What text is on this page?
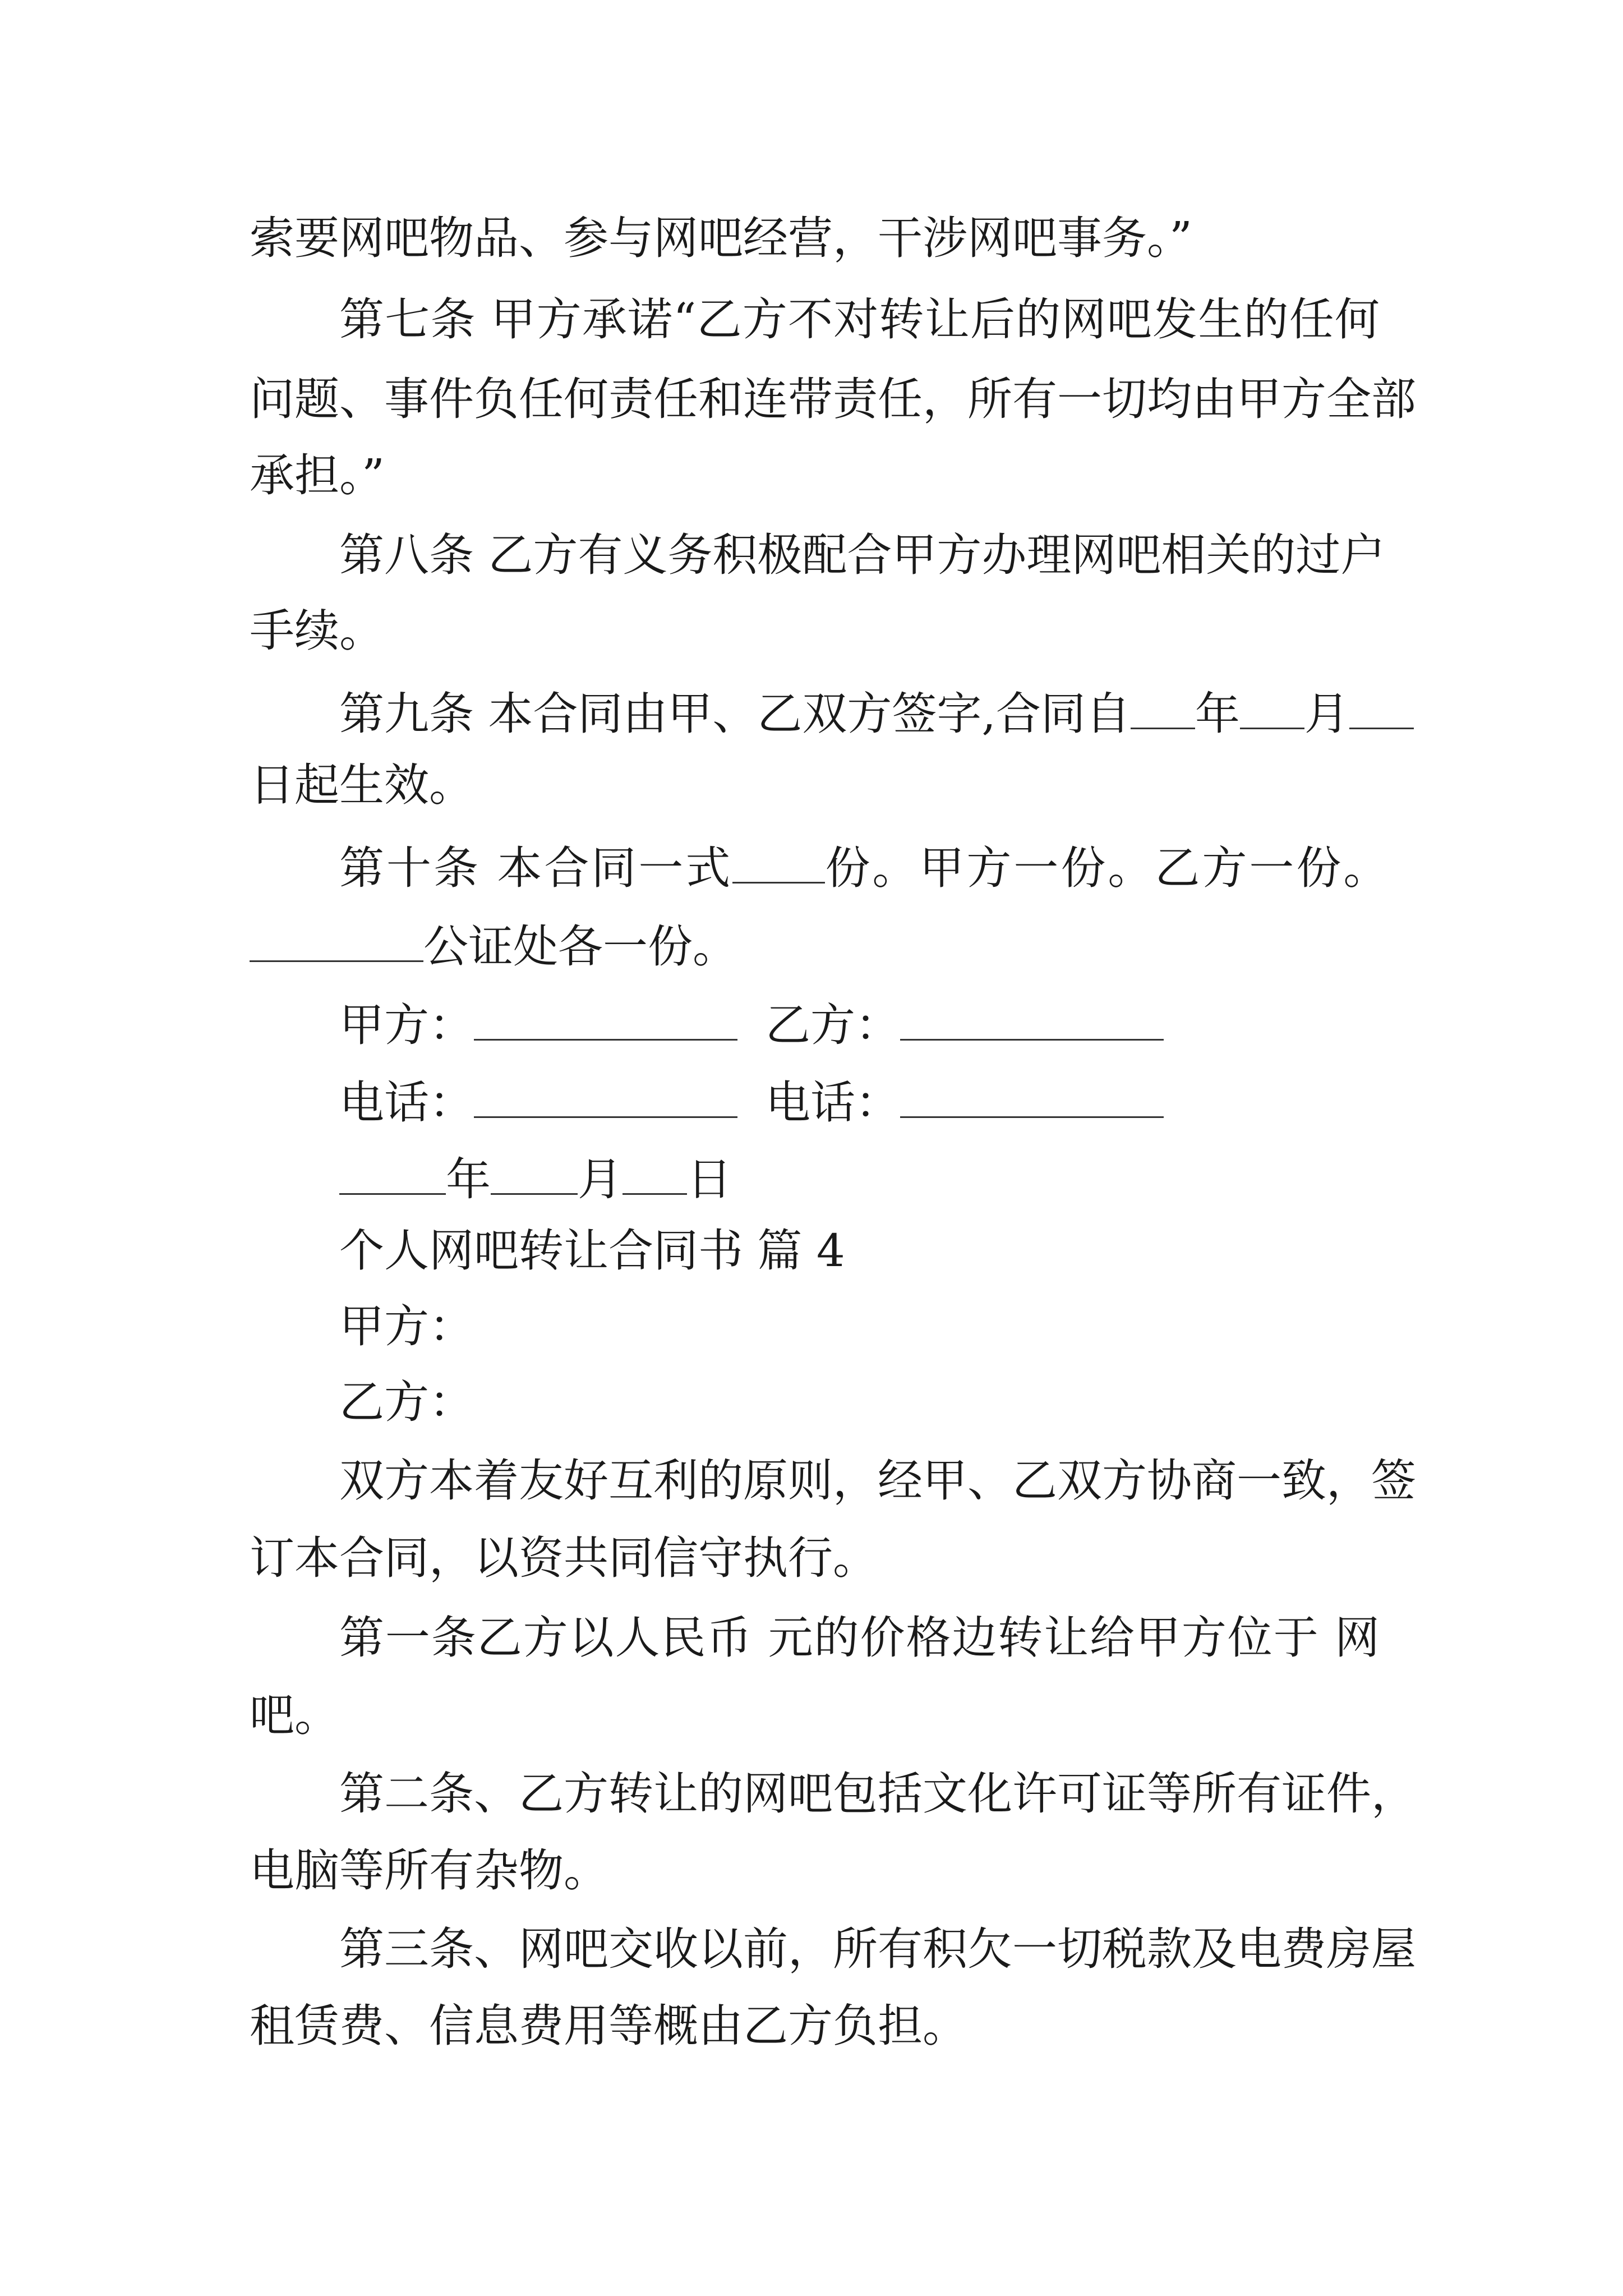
索要网吧物品、参与网吧经营，干涉网吧事务。”
第七条 甲方承诺“乙方不对转让后的网吧发生的任何
问题、事件负任何责任和连带责任，所有一切均由甲方全部
承担。”
第八条 乙方有义务积极配合甲方办理网吧相关的过户
手续。
第九条 本合同由甲、乙双方签字,合同自 年 月
日起生效。
第十条 本合同一式 份。甲方一份。乙方一份。
公证处各一份。
甲方：	乙方：
电话：	电话：
年 月 日
个人网吧转让合同书 篇 4
甲方：
乙方：
双方本着友好互利的原则，经甲、乙双方协商一致，签
订本合同，以资共同信守执行。
第一条乙方以人民币 元的价格边转让给甲方位于 网
吧。
第二条、乙方转让的网吧包括文化许可证等所有证件，
电脑等所有杂物。
第三条、网吧交收以前，所有积欠一切税款及电费房屋
租赁费、信息费用等概由乙方负担。
